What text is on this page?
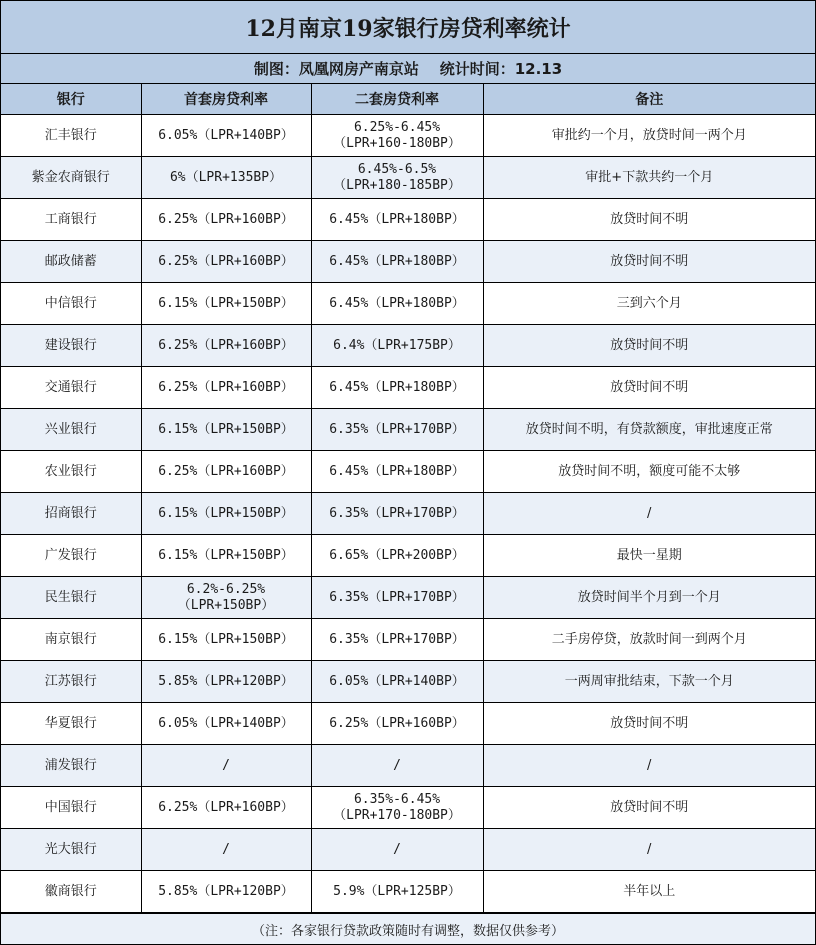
12月南京19家银行房贷利率统计
制图：凤凰网房产南京站    统计时间：12.13
银行	首套房贷利率	二套房贷利率	备注
汇丰银行	6.05%（LPR+140BP）	6.25%-6.45%
（LPR+160-180BP）	审批约一个月，放贷时间一两个月
紫金农商银行	6%（LPR+135BP）	6.45%-6.5%
（LPR+180-185BP）	审批+下款共约一个月
工商银行	6.25%（LPR+160BP）	6.45%（LPR+180BP）	放贷时间不明
邮政储蓄	6.25%（LPR+160BP）	6.45%（LPR+180BP）	放贷时间不明
中信银行	6.15%（LPR+150BP）	6.45%（LPR+180BP）	三到六个月
建设银行	6.25%（LPR+160BP）	6.4%（LPR+175BP）	放贷时间不明
交通银行	6.25%（LPR+160BP）	6.45%（LPR+180BP）	放贷时间不明
兴业银行	6.15%（LPR+150BP）	6.35%（LPR+170BP）	放贷时间不明，有贷款额度，审批速度正常
农业银行	6.25%（LPR+160BP）	6.45%（LPR+180BP）	放贷时间不明，额度可能不太够
招商银行	6.15%（LPR+150BP）	6.35%（LPR+170BP）	/
广发银行	6.15%（LPR+150BP）	6.65%（LPR+200BP）	最快一星期
民生银行	6.2%-6.25%
（LPR+150BP）	6.35%（LPR+170BP）	放贷时间半个月到一个月
南京银行	6.15%（LPR+150BP）	6.35%（LPR+170BP）	二手房停贷，放款时间一到两个月
江苏银行	5.85%（LPR+120BP）	6.05%（LPR+140BP）	一两周审批结束，下款一个月
华夏银行	6.05%（LPR+140BP）	6.25%（LPR+160BP）	放贷时间不明
浦发银行	/	/	/
中国银行	6.25%（LPR+160BP）	6.35%-6.45%
（LPR+170-180BP）	放贷时间不明
光大银行	/	/	/
徽商银行	5.85%（LPR+120BP）	5.9%（LPR+125BP）	半年以上
（注：各家银行贷款政策随时有调整，数据仅供参考）
